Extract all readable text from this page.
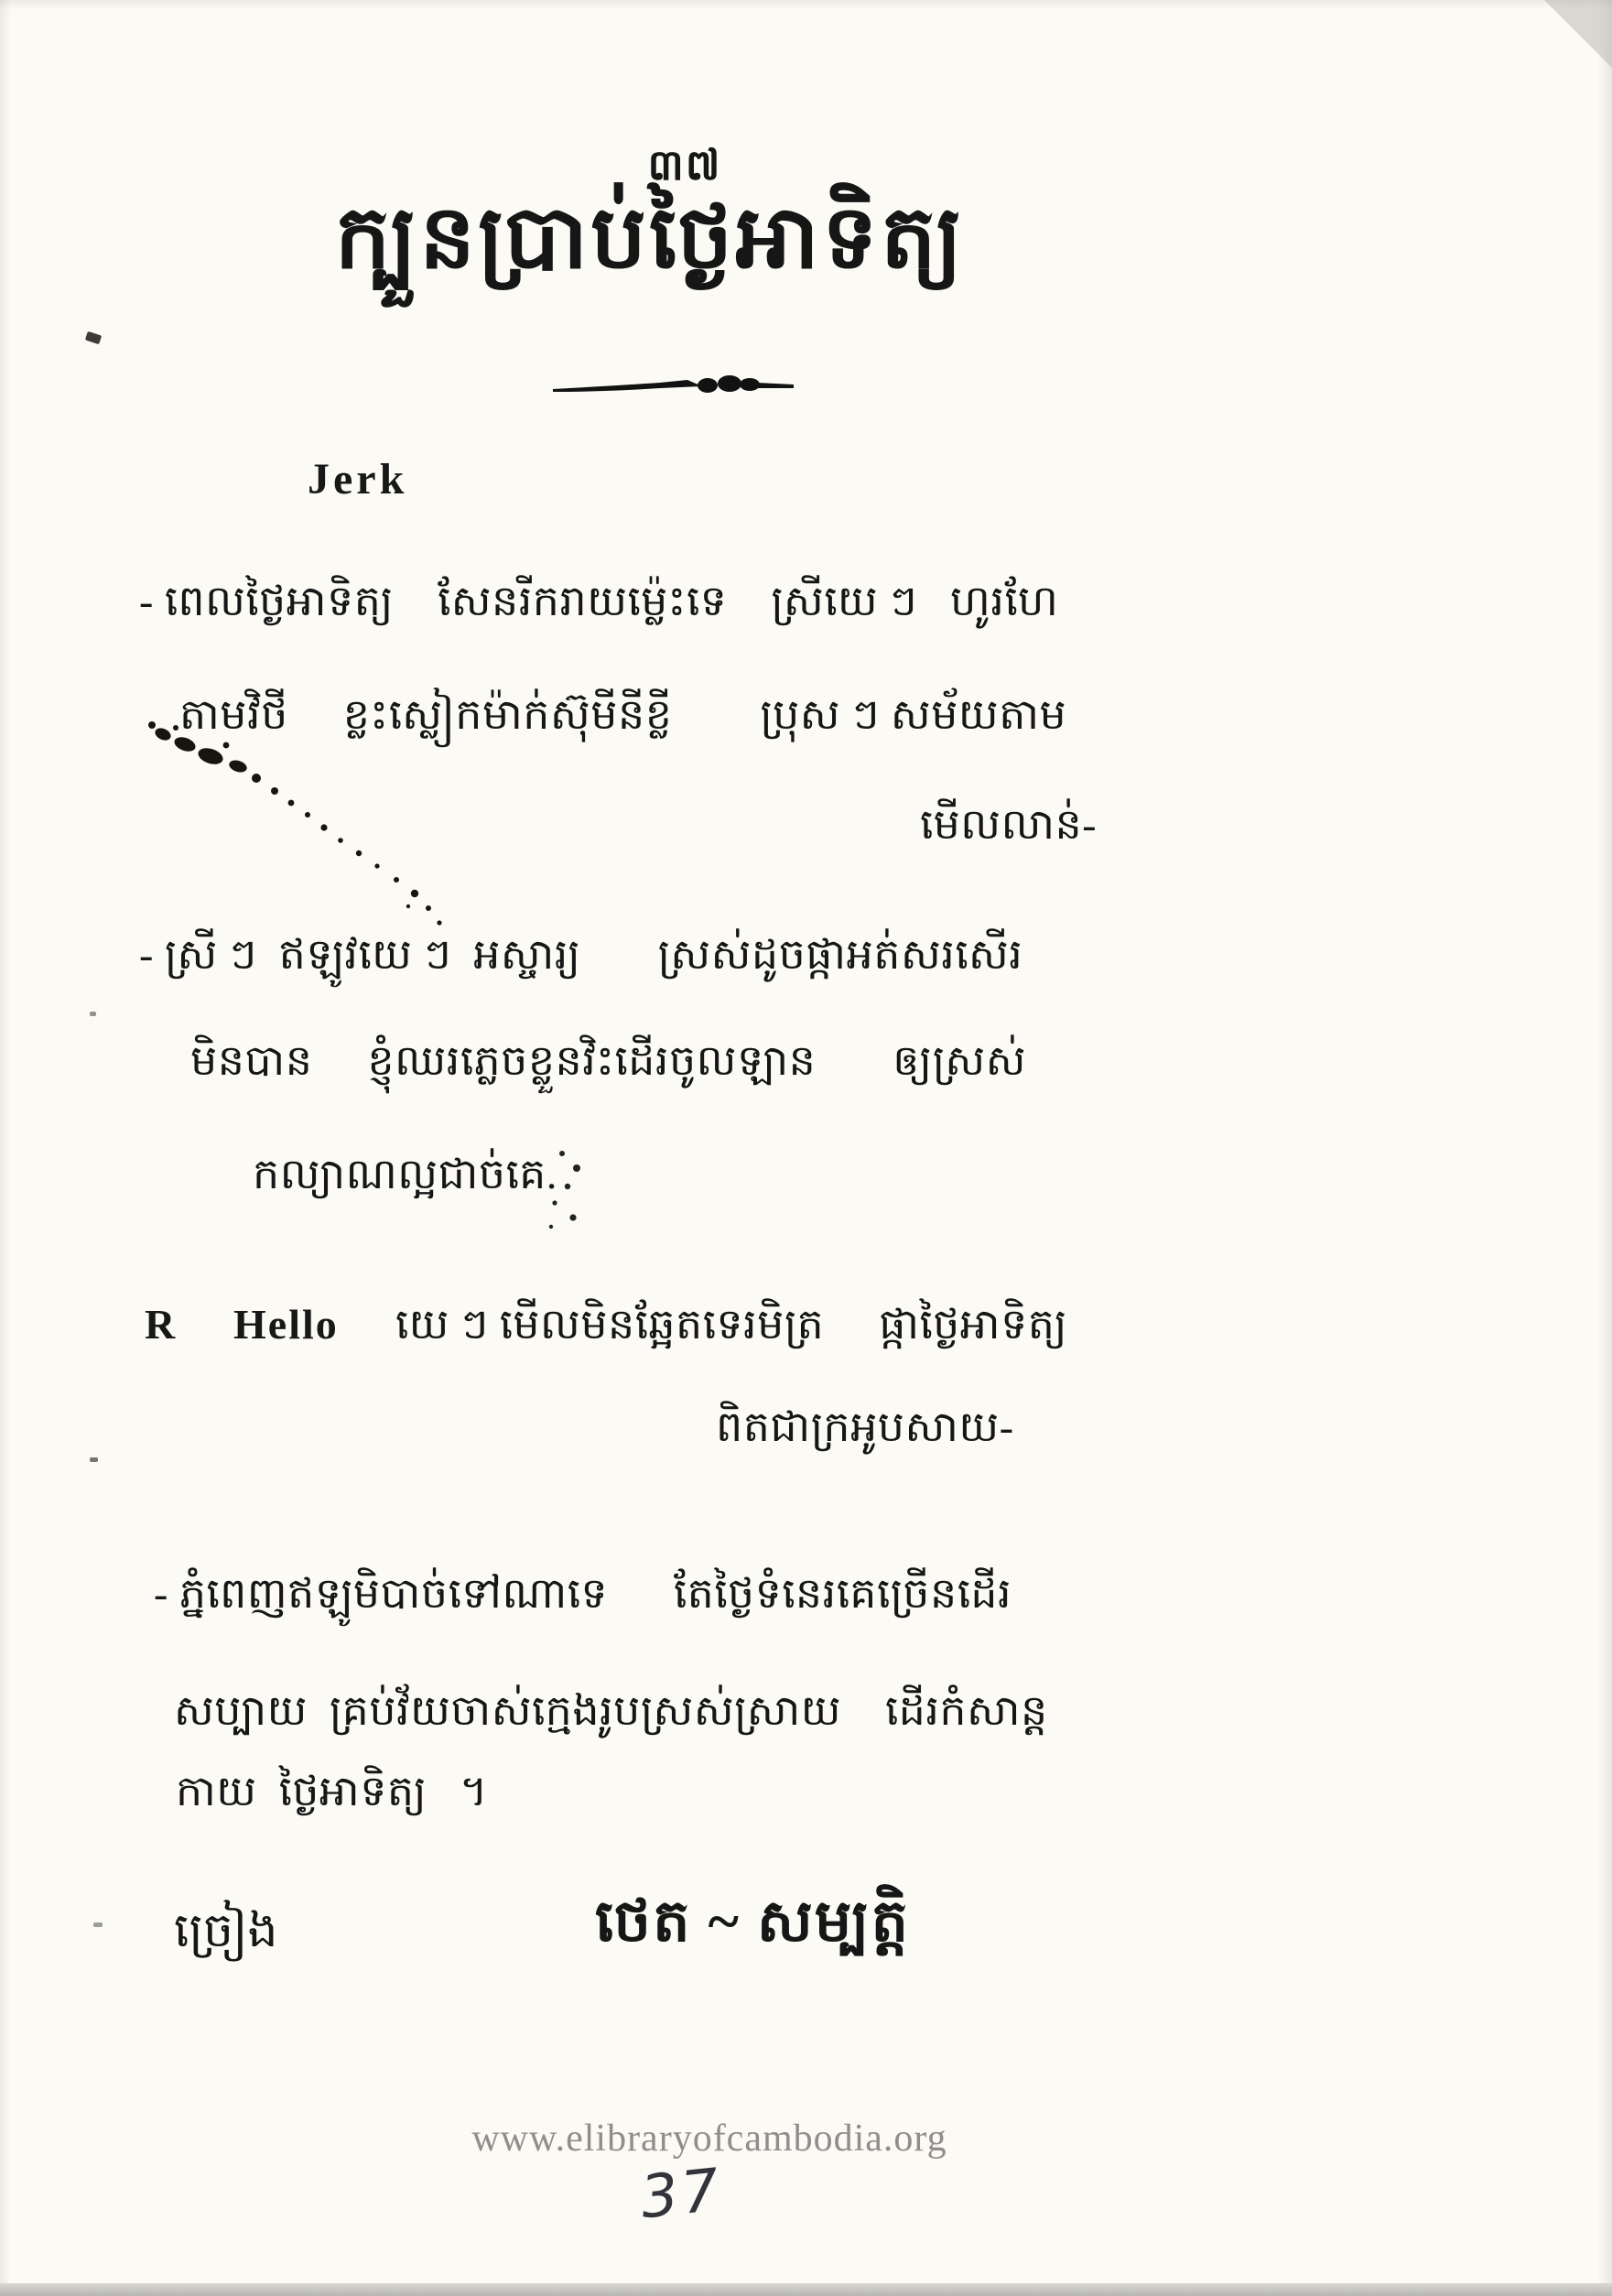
៣៧
ក្បួនប្រាប់ថ្ងៃអាទិត្យ
Jerk
- ពេលថ្ងៃអាទិត្យ    សែនរីករាយម្ល៉េះទេ    ស្រីយេ ៗ   ហូរហែ
តាមវិថី     ខ្លះស្លៀកម៉ាក់ស៊ុមីនីខ្លី        ប្រុស ៗ សម័យតាម
មើលលាន់-
- ស្រី ៗ  ឥឡូវយេ ៗ  អស្ចារ្យ       ស្រស់ដូចផ្កាអត់សរសើរ
មិនបាន     ខ្ញុំឈរភ្លេចខ្លួនវិះដើរចូលឡាន       ឲ្យស្រស់
កល្យាណល្អជាច់គេ.
R Hello យេ ៗ មើលមិនឆ្អែតទេរមិត្រ     ផ្កាថ្ងៃអាទិត្យ
ពិតជាក្រអូបសាយ-
- ភ្នំពេញឥឡូមិបាច់ទៅណាទេ      តែថ្ងៃទំនេរគេច្រើនដើរ
សប្បាយ  គ្រប់វ័យចាស់ក្មេងរូបស្រស់ស្រាយ    ដើរកំសាន្ត
កាយ  ថ្ងៃអាទិត្យ   ។
ច្រៀង	ថេត ~ សម្បត្តិ
www.elibraryofcambodia.org
37
